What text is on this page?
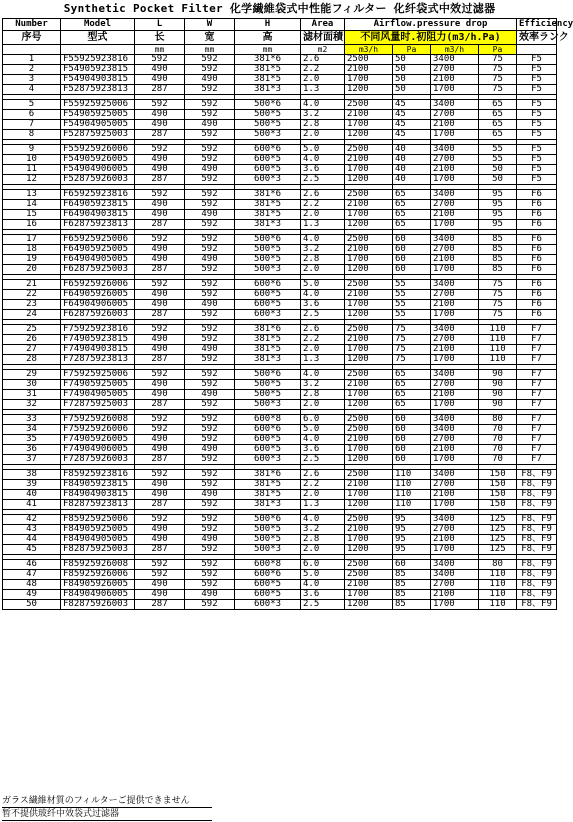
Synthetic Pocket Filter 化学繊維袋式中性能フィルター 化纤袋式中效过滤器										
Number	Model	L	W	H	Area	Airflow.pressure drop				Efficiency
序号	型式	长	宽	高	滤材面積	不同风量时.初阻力(m3/h.Pa)				效率ランク
		mm	mm	mm	m2	m3/h	Pa	m3/h	Pa	
1	F55925923816	592	592	381*6	2.6	2500	50	3400	75	F5
2	F54905923815	490	592	381*5	2.2	2100	50	2700	75	F5
3	F54904903815	490	490	381*5	2.0	1700	50	2100	75	F5
4	F52875923813	287	592	381*3	1.3	1200	50	1700	75	F5

5	F55925925006	592	592	500*6	4.0	2500	45	3400	65	F5
6	F54905925005	490	592	500*5	3.2	2100	45	2700	65	F5
7	F54904905005	490	490	500*5	2.8	1700	45	2100	65	F5
8	F52875925003	287	592	500*3	2.0	1200	45	1700	65	F5

9	F55925926006	592	592	600*6	5.0	2500	40	3400	55	F5
10	F54905926005	490	592	600*5	4.0	2100	40	2700	55	F5
11	F54904906005	490	490	600*5	3.6	1700	40	2100	50	F5
12	F52875926003	287	592	600*3	2.5	1200	40	1700	50	F5

13	F65925923816	592	592	381*6	2.6	2500	65	3400	95	F6
14	F64905923815	490	592	381*5	2.2	2100	65	2700	95	F6
15	F64904903815	490	490	381*5	2.0	1700	65	2100	95	F6
16	F62875923813	287	592	381*3	1.3	1200	65	1700	95	F6

17	F65925925006	592	592	500*6	4.0	2500	60	3400	85	F6
18	F64905925005	490	592	500*5	3.2	2100	60	2700	85	F6
19	F64904905005	490	490	500*5	2.8	1700	60	2100	85	F6
20	F62875925003	287	592	500*3	2.0	1200	60	1700	85	F6

21	F65925926006	592	592	600*6	5.0	2500	55	3400	75	F6
22	F64905926005	490	592	600*5	4.0	2100	55	2700	75	F6
23	F64904906005	490	490	600*5	3.6	1700	55	2100	75	F6
24	F62875926003	287	592	600*3	2.5	1200	55	1700	75	F6

25	F75925923816	592	592	381*6	2.6	2500	75	3400	110	F7
26	F74905923815	490	592	381*5	2.2	2100	75	2700	110	F7
27	F74904903815	490	490	381*5	2.0	1700	75	2100	110	F7
28	F72875923813	287	592	381*3	1.3	1200	75	1700	110	F7

29	F75925925006	592	592	500*6	4.0	2500	65	3400	90	F7
30	F74905925005	490	592	500*5	3.2	2100	65	2700	90	F7
31	F74904905005	490	490	500*5	2.8	1700	65	2100	90	F7
32	F72875925003	287	592	500*3	2.0	1200	65	1700	90	F7

33	F75925926008	592	592	600*8	6.0	2500	60	3400	80	F7
34	F75925926006	592	592	600*6	5.0	2500	60	3400	70	F7
35	F74905926005	490	592	600*5	4.0	2100	60	2700	70	F7
36	F74904906005	490	490	600*5	3.6	1700	60	2100	70	F7
37	F72875926003	287	592	600*3	2.5	1200	60	1700	70	F7

38	F85925923816	592	592	381*6	2.6	2500	110	3400	150	F8、F9
39	F84905923815	490	592	381*5	2.2	2100	110	2700	150	F8、F9
40	F84904903815	490	490	381*5	2.0	1700	110	2100	150	F8、F9
41	F82875923813	287	592	381*3	1.3	1200	110	1700	150	F8、F9

42	F85925925006	592	592	500*6	4.0	2500	95	3400	125	F8、F9
43	F84905925005	490	592	500*5	3.2	2100	95	2700	125	F8、F9
44	F84904905005	490	490	500*5	2.8	1700	95	2100	125	F8、F9
45	F82875925003	287	592	500*3	2.0	1200	95	1700	125	F8、F9

46	F85925926008	592	592	600*8	6.0	2500	60	3400	80	F8、F9
47	F85925926006	592	592	600*6	5.0	2500	85	3400	110	F8、F9
48	F84905926005	490	592	600*5	4.0	2100	85	2700	110	F8、F9
49	F84904906005	490	490	600*5	3.6	1700	85	2100	110	F8、F9
50	F82875926003	287	592	600*3	2.5	1200	85	1700	110	F8、F9
ガラス繊維材質のフィルターご提供できません
暂不提供玻纤中效袋式过滤器
